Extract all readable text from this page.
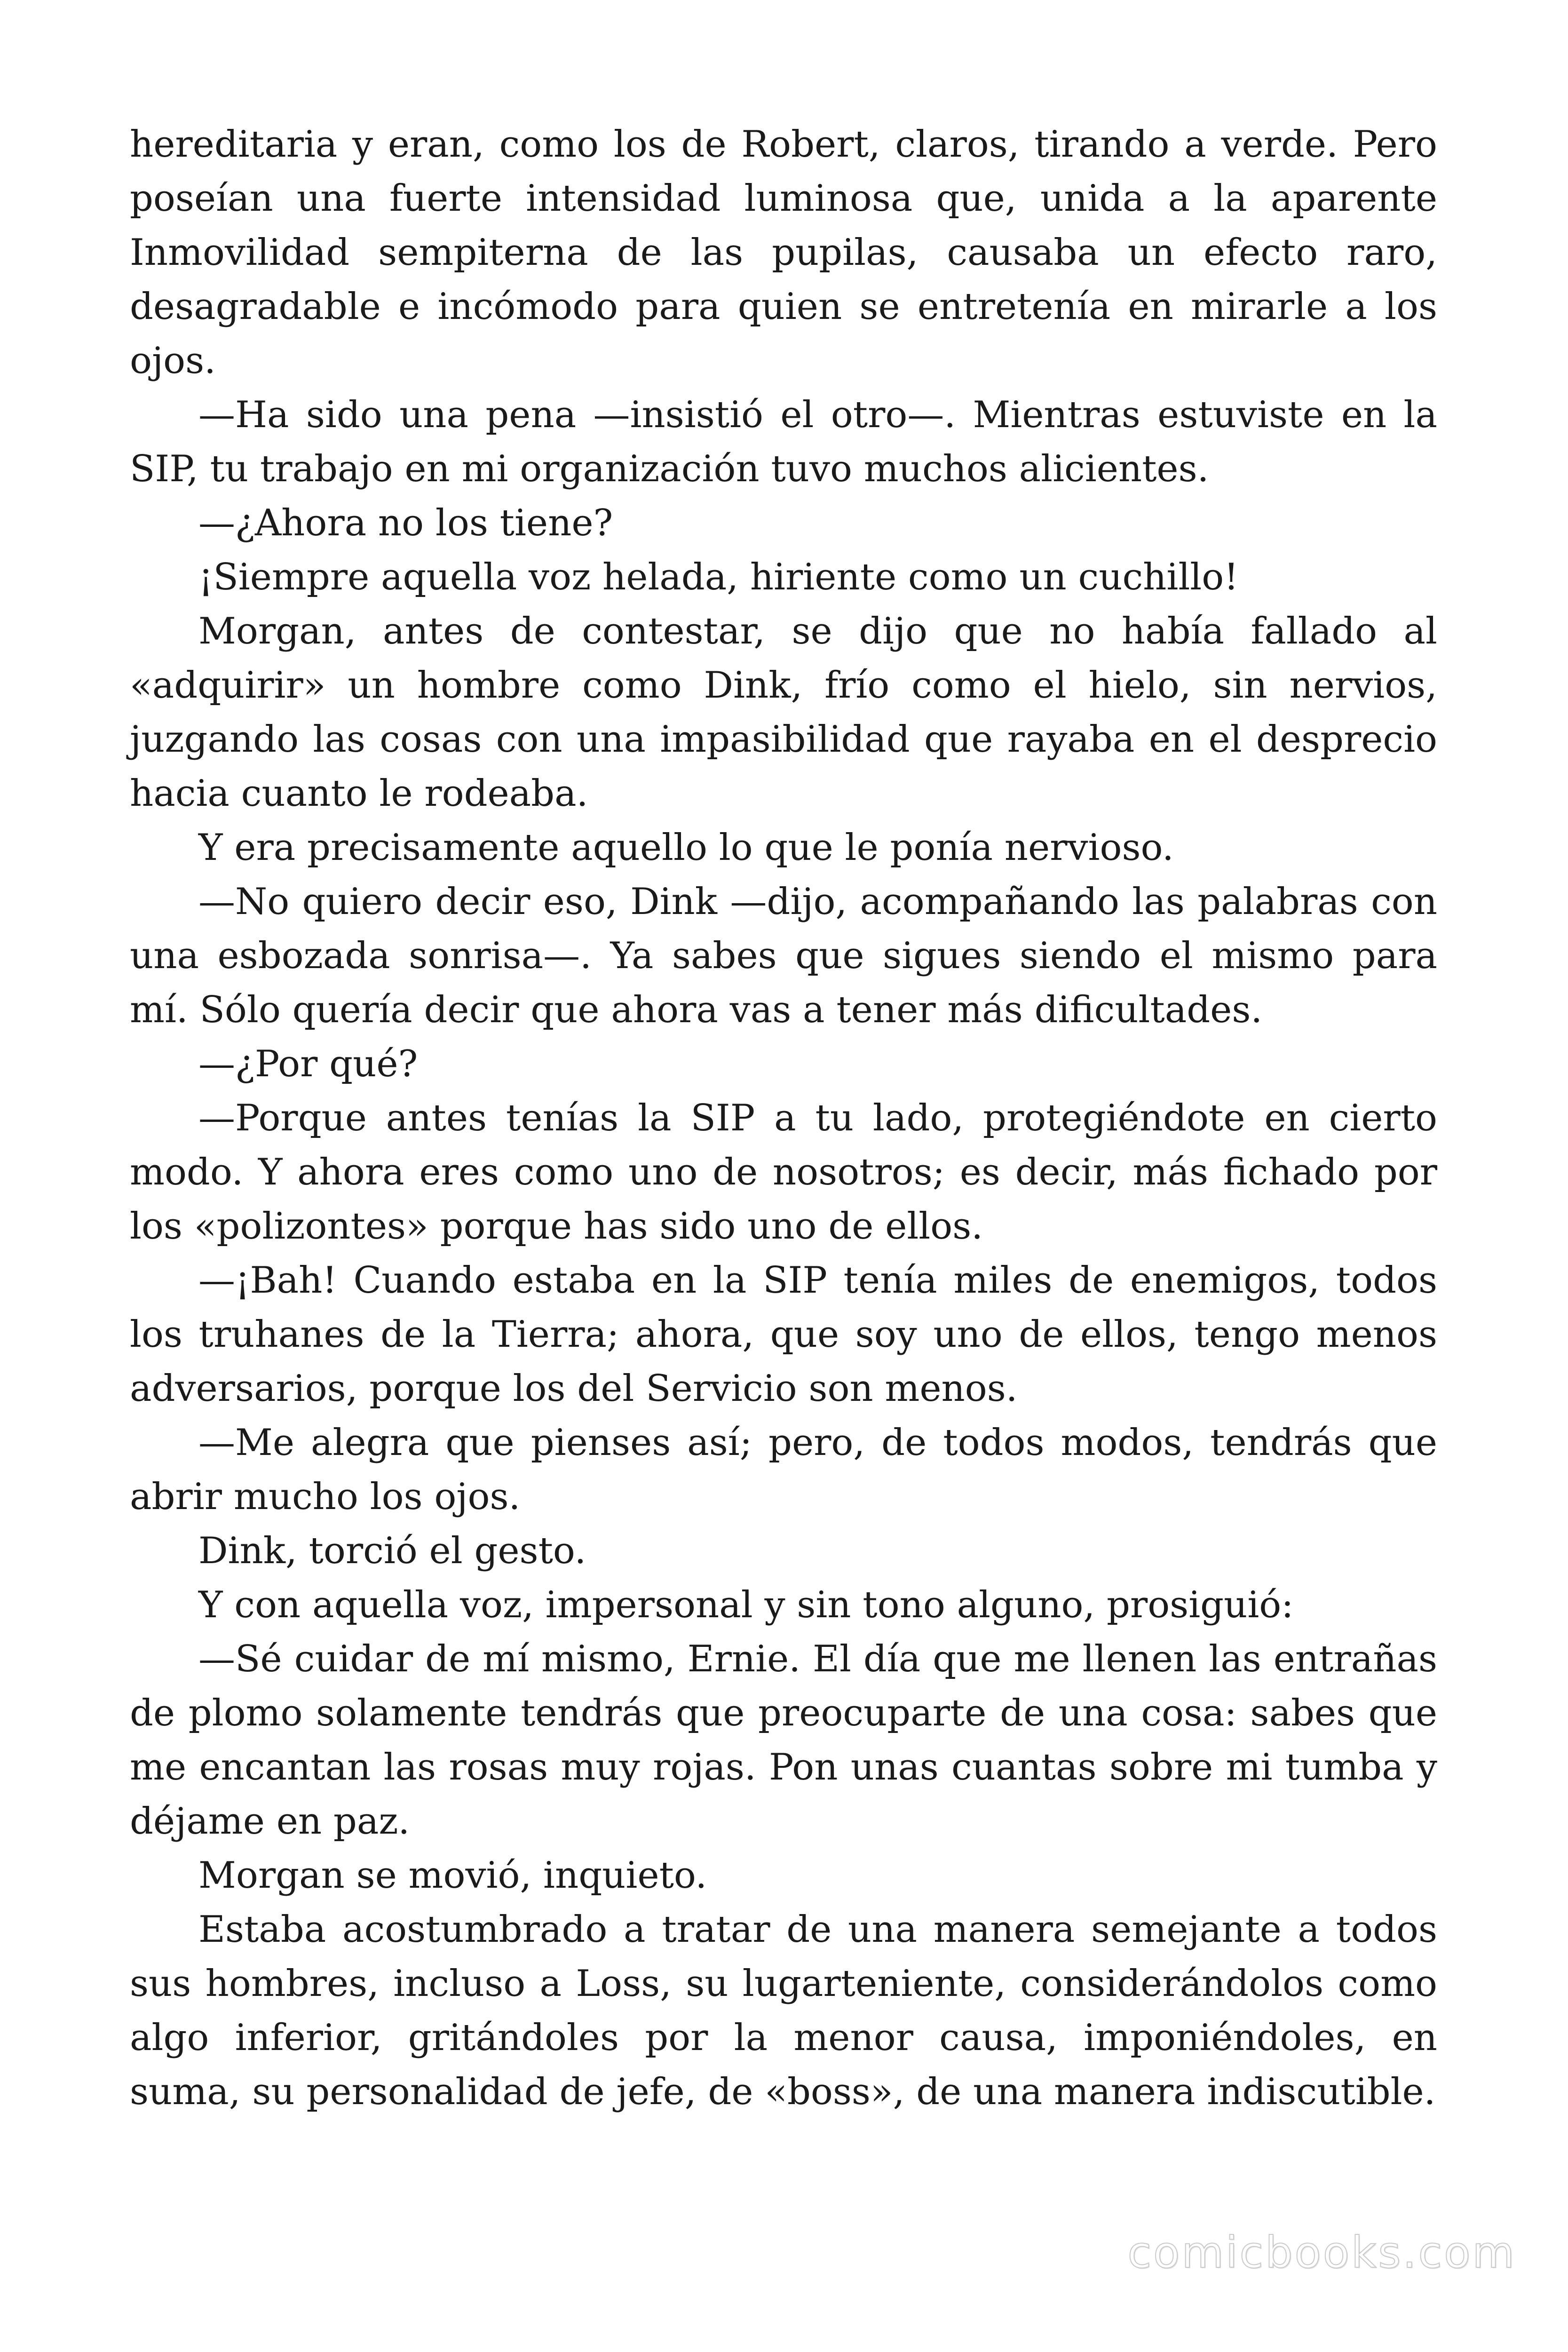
hereditaria y eran, como los de Robert, claros, tirando a verde. Pero poseían una fuerte intensidad luminosa que, unida a la aparente Inmovilidad sempiterna de las pupilas, causaba un efecto raro, desagradable e incómodo para quien se entretenía en mirarle a los ojos.

—Ha sido una pena —insistió el otro—. Mientras estuviste en la SIP, tu trabajo en mi organización tuvo muchos alicientes.

—¿Ahora no los tiene?

¡Siempre aquella voz helada, hiriente como un cuchillo!

Morgan, antes de contestar, se dijo que no había fallado al «adquirir» un hombre como Dink, frío como el hielo, sin nervios, juzgando las cosas con una impasibilidad que rayaba en el desprecio hacia cuanto le rodeaba.

Y era precisamente aquello lo que le ponía nervioso.

—No quiero decir eso, Dink —dijo, acompañando las palabras con una esbozada sonrisa—. Ya sabes que sigues siendo el mismo para mí. Sólo quería decir que ahora vas a tener más dificultades.

—¿Por qué?

—Porque antes tenías la SIP a tu lado, protegiéndote en cierto modo. Y ahora eres como uno de nosotros; es decir, más fichado por los «polizontes» porque has sido uno de ellos.

—¡Bah! Cuando estaba en la SIP tenía miles de enemigos, todos los truhanes de la Tierra; ahora, que soy uno de ellos, tengo menos adversarios, porque los del Servicio son menos.

—Me alegra que pienses así; pero, de todos modos, tendrás que abrir mucho los ojos.

Dink, torció el gesto.

Y con aquella voz, impersonal y sin tono alguno, prosiguió:

—Sé cuidar de mí mismo, Ernie. El día que me llenen las entrañas de plomo solamente tendrás que preocuparte de una cosa: sabes que me encantan las rosas muy rojas. Pon unas cuantas sobre mi tumba y déjame en paz.

Morgan se movió, inquieto.

Estaba acostumbrado a tratar de una manera semejante a todos sus hombres, incluso a Loss, su lugarteniente, considerándolos como algo inferior, gritándoles por la menor causa, imponiéndoles, en suma, su personalidad de jefe, de «boss», de una manera indiscutible.

comicbooks.com
